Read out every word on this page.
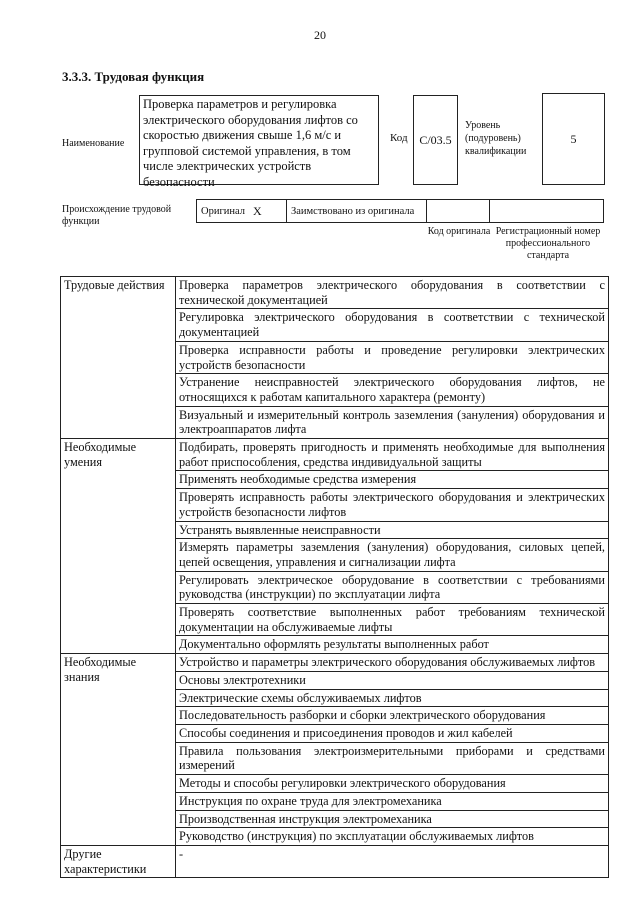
20
3.3.3. Трудовая функция
Наименование
Проверка параметров и регулировка электрического оборудования лифтов со скоростью движения свыше 1,6 м/с и групповой системой управления, в том числе электрических устройств безопасности
Код C/03.5
Уровень (подуровень) квалификации
5
Происхождение трудовой функции
Оригинал X	Заимствовано из оригинала
Код оригинала Регистрационный номер профессионального стандарта
Трудовые действия	Проверка параметров электрического оборудования в соответствии с технической документацией
	Регулировка электрического оборудования в соответствии с технической документацией
	Проверка исправности работы и проведение регулировки электрических устройств безопасности
	Устранение неисправностей электрического оборудования лифтов, не относящихся к работам капитального характера (ремонту)
	Визуальный и измерительный контроль заземления (зануления) оборудования и электроаппаратов лифта
Необходимые умения	Подбирать, проверять пригодность и применять необходимые для выполнения работ приспособления, средства индивидуальной защиты
	Применять необходимые средства измерения
	Проверять исправность работы электрического оборудования и электрических устройств безопасности лифтов
	Устранять выявленные неисправности
	Измерять параметры заземления (зануления) оборудования, силовых цепей, цепей освещения, управления и сигнализации лифта
	Регулировать электрическое оборудование в соответствии с требованиями руководства (инструкции) по эксплуатации лифта
	Проверять соответствие выполненных работ требованиям технической документации на обслуживаемые лифты
	Документально оформлять результаты выполненных работ
Необходимые знания	Устройство и параметры электрического оборудования обслуживаемых лифтов
	Основы электротехники
	Электрические схемы обслуживаемых лифтов
	Последовательность разборки и сборки электрического оборудования
	Способы соединения и присоединения проводов и жил кабелей
	Правила пользования электроизмерительными приборами и средствами измерений
	Методы и способы регулировки электрического оборудования
	Инструкция по охране труда для электромеханика
	Производственная инструкция электромеханика
	Руководство (инструкция) по эксплуатации обслуживаемых лифтов
Другие характеристики	-
